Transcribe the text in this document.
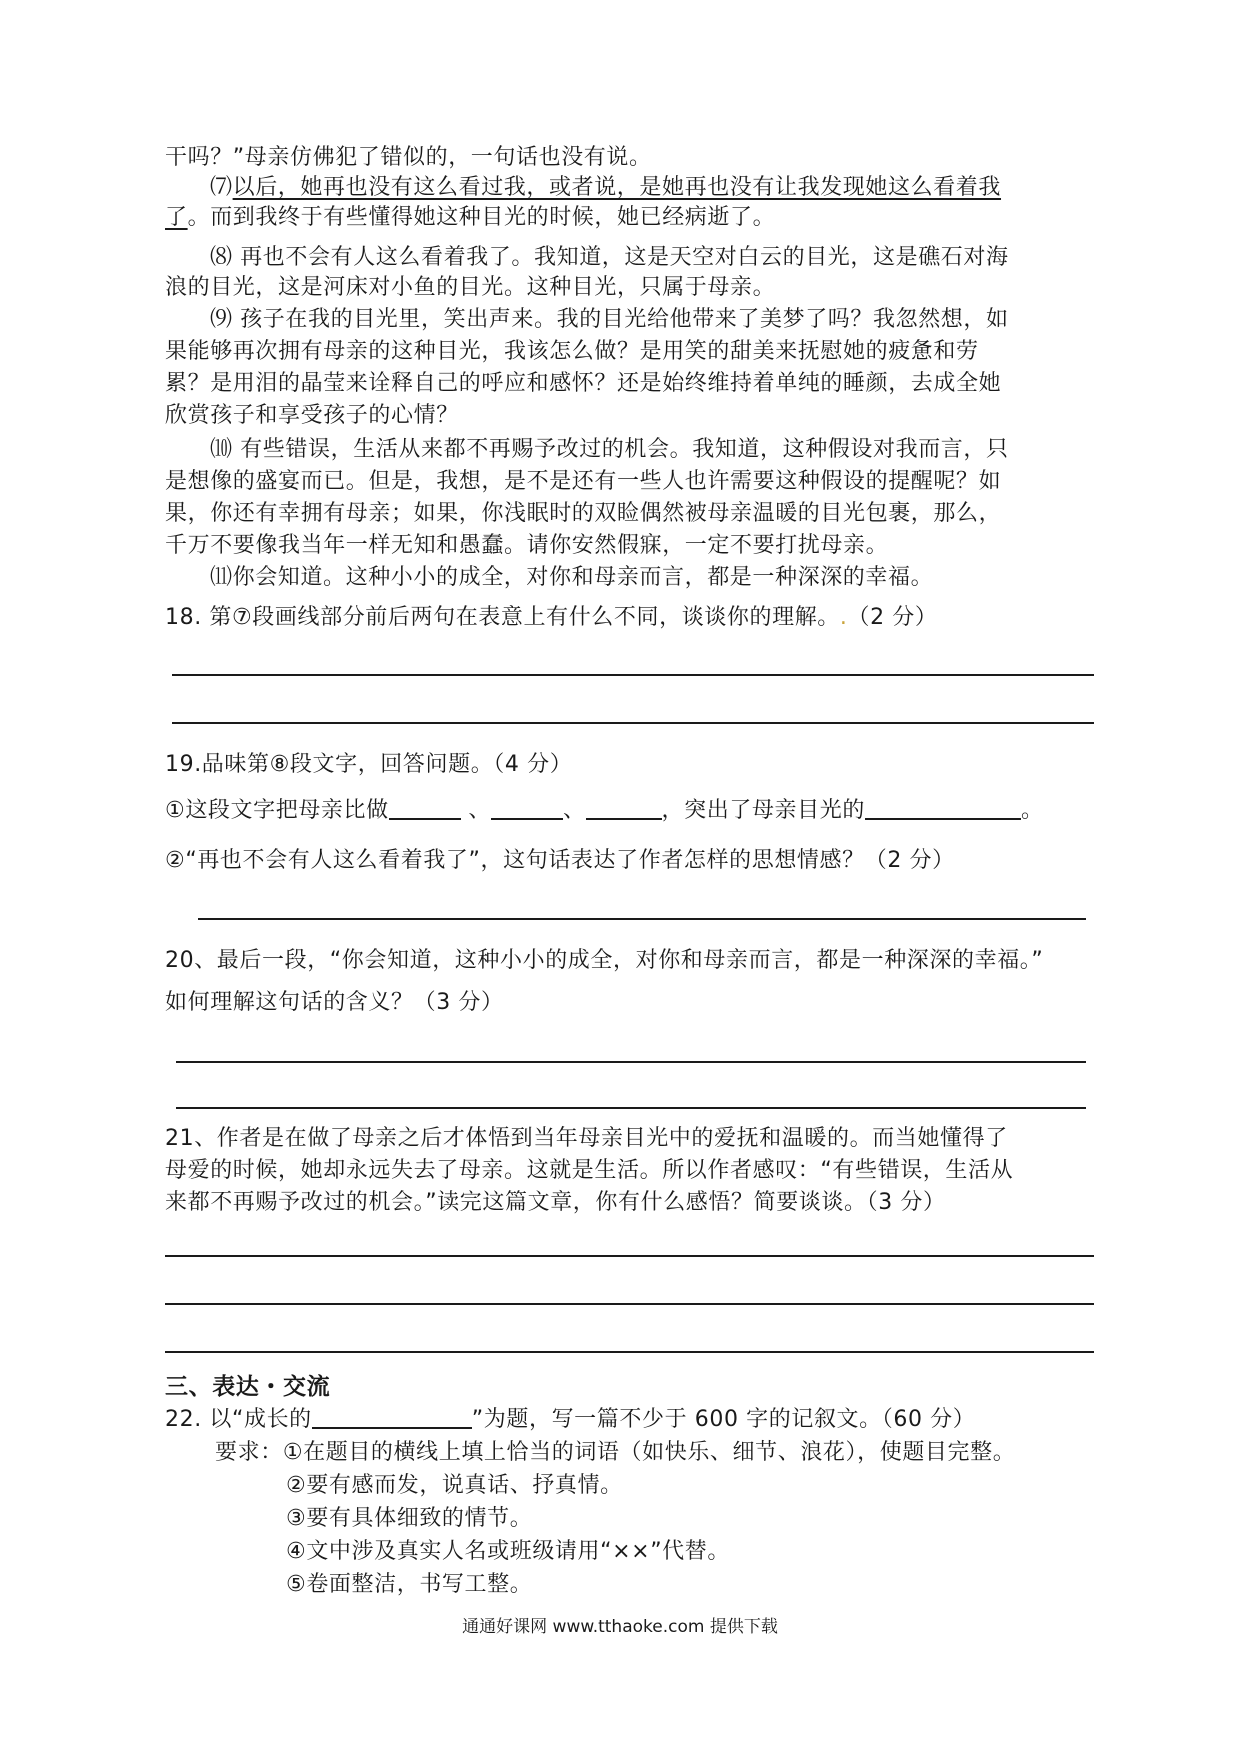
干吗？”母亲仿佛犯了错似的，一句话也没有说。
⑺以后，她再也没有这么看过我，或者说，是她再也没有让我发现她这么看着我
了。而到我终于有些懂得她这种目光的时候，她已经病逝了。
⑻ 再也不会有人这么看着我了。我知道，这是天空对白云的目光，这是礁石对海
浪的目光，这是河床对小鱼的目光。这种目光，只属于母亲。
⑼ 孩子在我的目光里，笑出声来。我的目光给他带来了美梦了吗？我忽然想，如
果能够再次拥有母亲的这种目光，我该怎么做？是用笑的甜美来抚慰她的疲惫和劳
累？是用泪的晶莹来诠释自己的呼应和感怀？还是始终维持着单纯的睡颜，去成全她
欣赏孩子和享受孩子的心情？
⑽ 有些错误，生活从来都不再赐予改过的机会。我知道，这种假设对我而言，只
是想像的盛宴而已。但是，我想，是不是还有一些人也许需要这种假设的提醒呢？如
果，你还有幸拥有母亲；如果，你浅眠时的双睑偶然被母亲温暖的目光包裹，那么，
千万不要像我当年一样无知和愚蠢。请你安然假寐，一定不要打扰母亲。
⑾你会知道。这种小小的成全，对你和母亲而言，都是一种深深的幸福。
18. 第⑦段画线部分前后两句在表意上有什么不同，谈谈你的理解。.（2 分）
19.品味第⑧段文字，回答问题。（4 分）
①这段文字把母亲比做	、	、	，突出了母亲目光的	。
②“再也不会有人这么看着我了”，这句话表达了作者怎样的思想情感？（2 分）
20、最后一段，“你会知道，这种小小的成全，对你和母亲而言，都是一种深深的幸福。”
如何理解这句话的含义？（3 分）
21、作者是在做了母亲之后才体悟到当年母亲目光中的爱抚和温暖的。而当她懂得了
母爱的时候，她却永远失去了母亲。这就是生活。所以作者感叹：“有些错误，生活从
来都不再赐予改过的机会。”读完这篇文章，你有什么感悟？简要谈谈。（3 分）
三、表达・交流
22. 以“成长的	”为题，写一篇不少于 600 字的记叙文。（60 分）
要求：①在题目的横线上填上恰当的词语（如快乐、细节、浪花），使题目完整。
②要有感而发，说真话、抒真情。
③要有具体细致的情节。
④文中涉及真实人名或班级请用“××”代替。
⑤卷面整洁，书写工整。
通通好课网 www.tthaoke.com 提供下载
